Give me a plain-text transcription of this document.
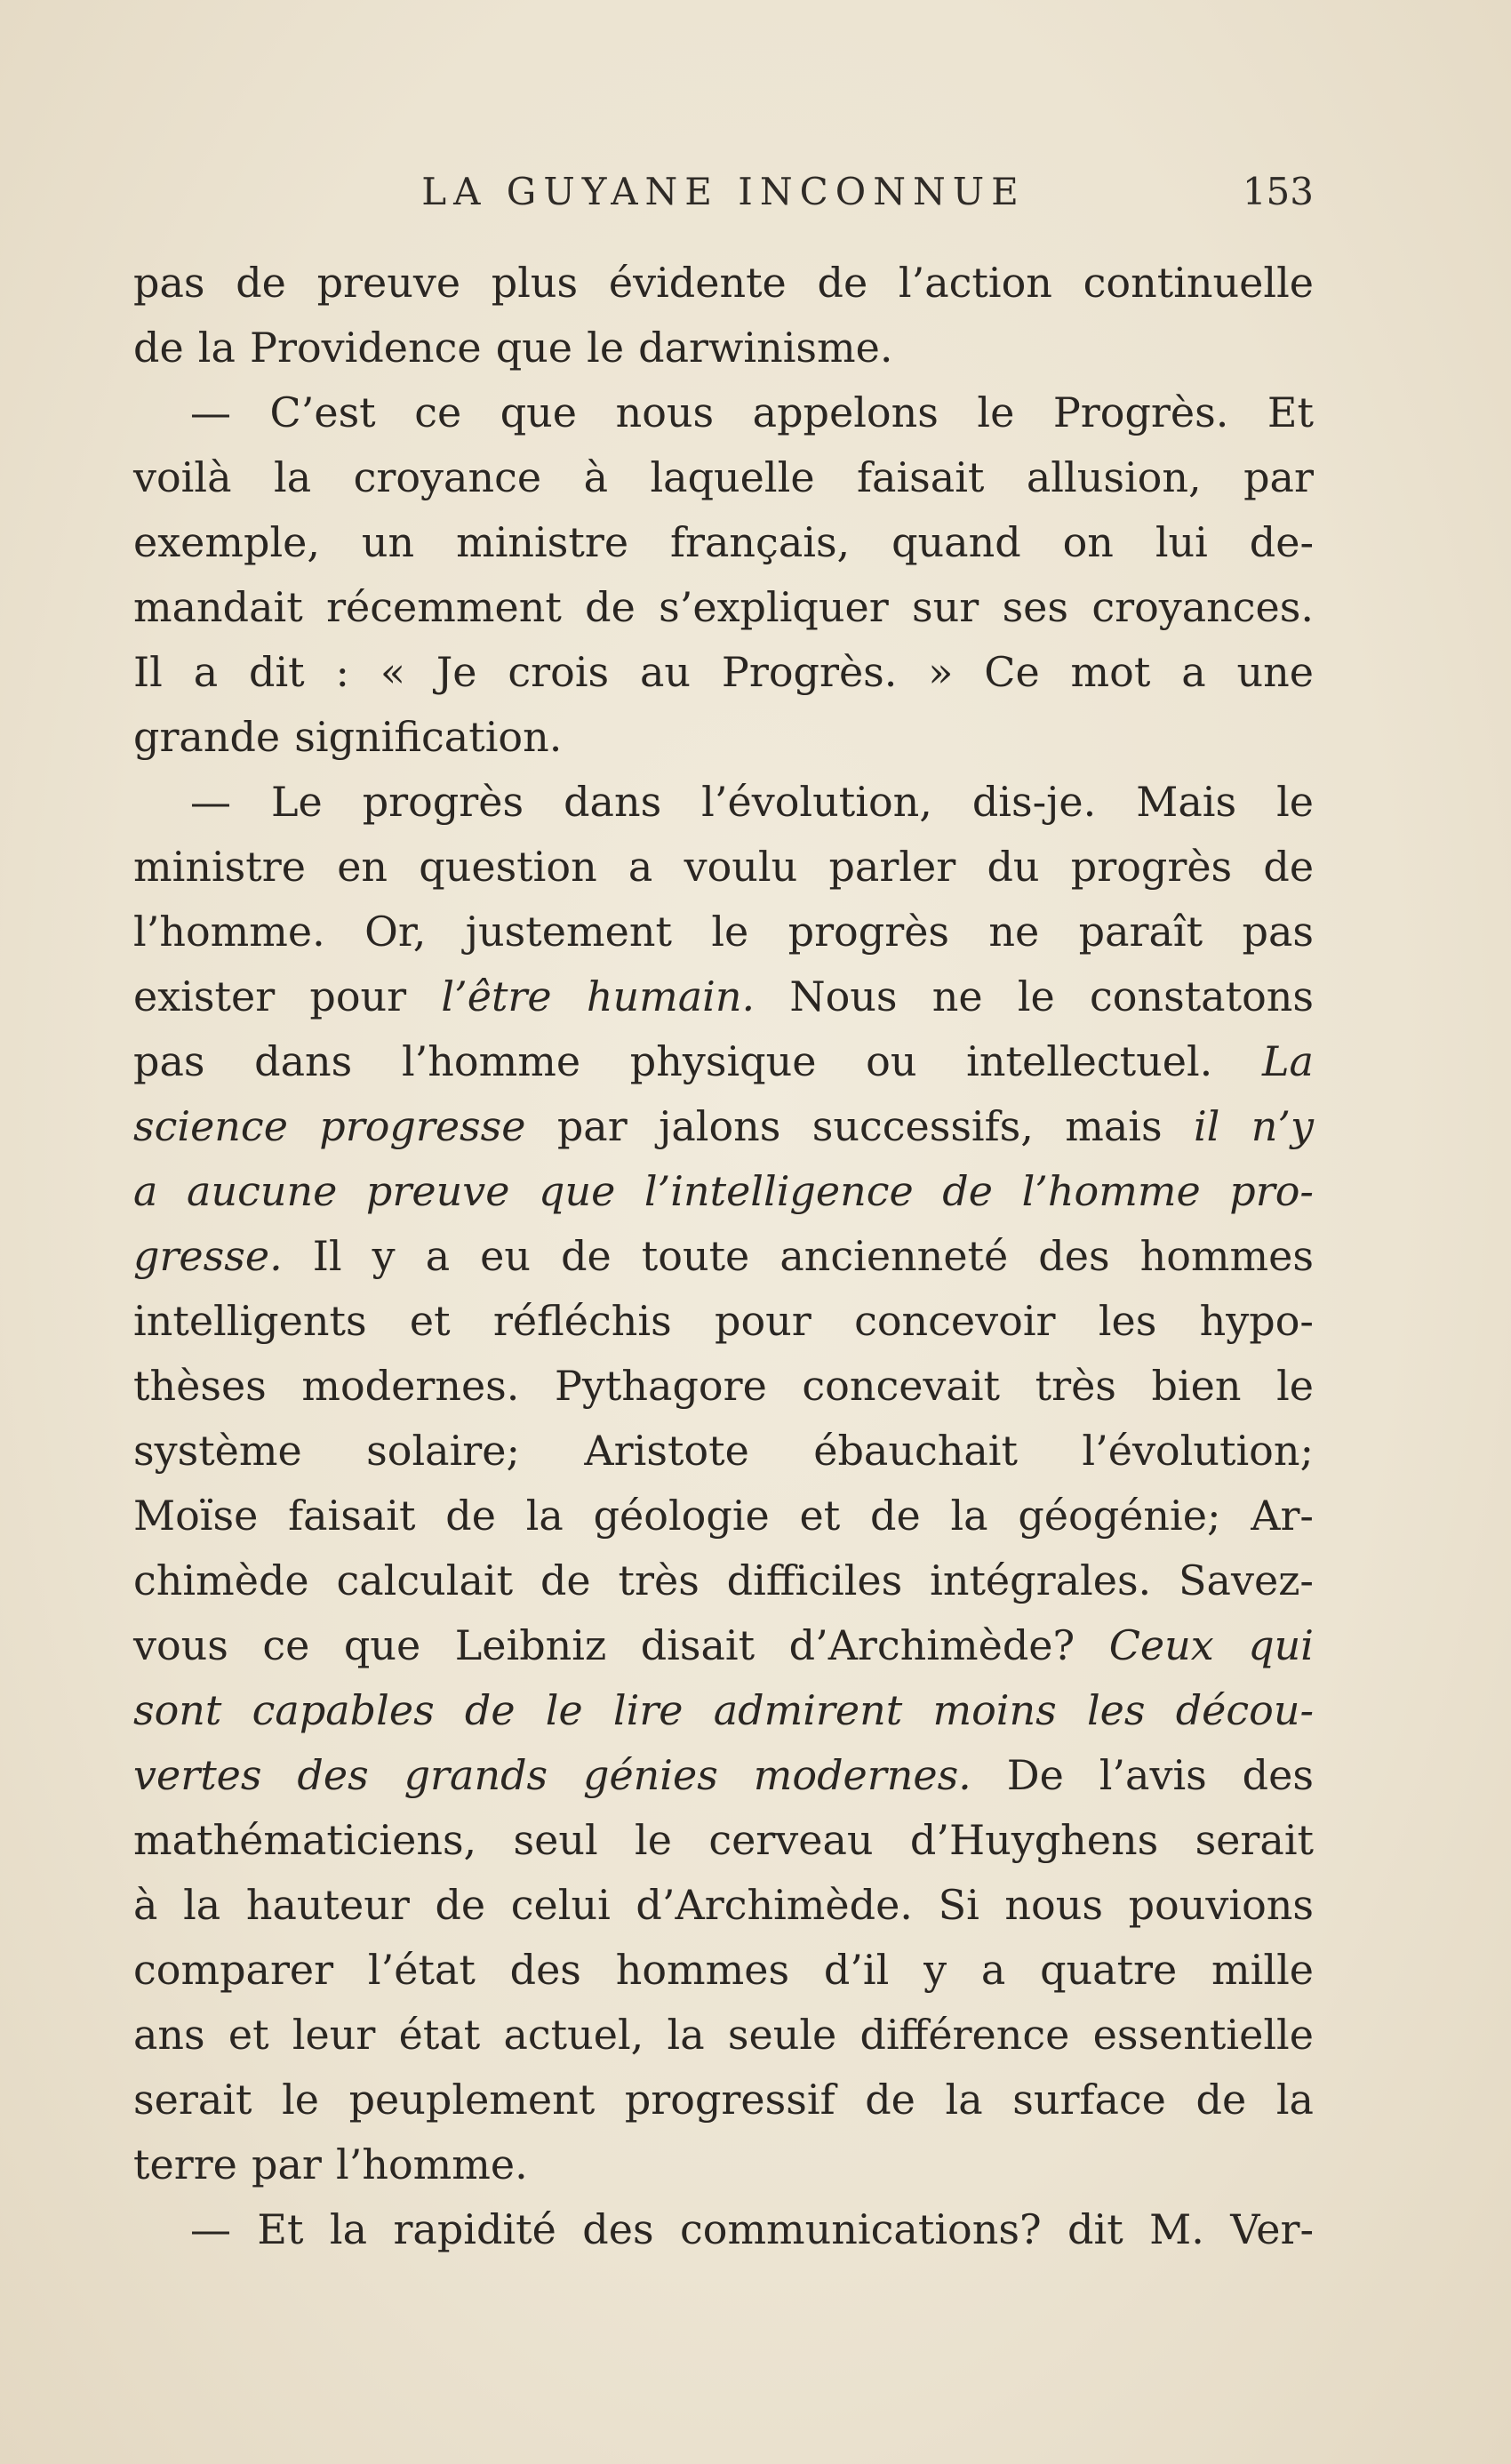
LA GUYANE INCONNUE	153
pas
de
preuve
plus
évidente
de
l’action
continuelle
de
la
Providence
que
le
darwinisme.
—
C’est
ce
que
nous
appelons
le
Progrès.
Et
voilà
la
croyance
à
laquelle
faisait
allusion,
par
exemple,
un
ministre
français,
quand
on
lui
de-
mandait
récemment
de
s’expliquer
sur
ses
croyances.
Il
a
dit
:
«
Je
crois
au
Progrès.
»
Ce
mot
a
une
grande
signification.
—
Le
progrès
dans
l’évolution,
dis-je.
Mais
le
ministre
en
question
a
voulu
parler
du
progrès
de
l’homme.
Or,
justement
le
progrès
ne
paraît
pas
exister
pour
l’être
humain.
Nous
ne
le
constatons
pas
dans
l’homme
physique
ou
intellectuel.
La
science
progresse
par
jalons
successifs,
mais
il
n’y
a
aucune
preuve
que
l’intelligence
de
l’homme
pro-
gresse.
Il
y
a
eu
de
toute
ancienneté
des
hommes
intelligents
et
réfléchis
pour
concevoir
les
hypo-
thèses
modernes.
Pythagore
concevait
très
bien
le
système
solaire;
Aristote
ébauchait
l’évolution;
Moïse
faisait
de
la
géologie
et
de
la
géogénie;
Ar-
chimède
calculait
de
très
difficiles
intégrales.
Savez-
vous
ce
que
Leibniz
disait
d’Archimède?
Ceux
qui
sont
capables
de
le
lire
admirent
moins
les
décou-
vertes
des
grands
génies
modernes.
De
l’avis
des
mathématiciens,
seul
le
cerveau
d’Huyghens
serait
à
la
hauteur
de
celui
d’Archimède.
Si
nous
pouvions
comparer
l’état
des
hommes
d’il
y
a
quatre
mille
ans
et
leur
état
actuel,
la
seule
différence
essentielle
serait
le
peuplement
progressif
de
la
surface
de
la
terre
par
l’homme.
—
Et
la
rapidité
des
communications?
dit
M.
Ver-
